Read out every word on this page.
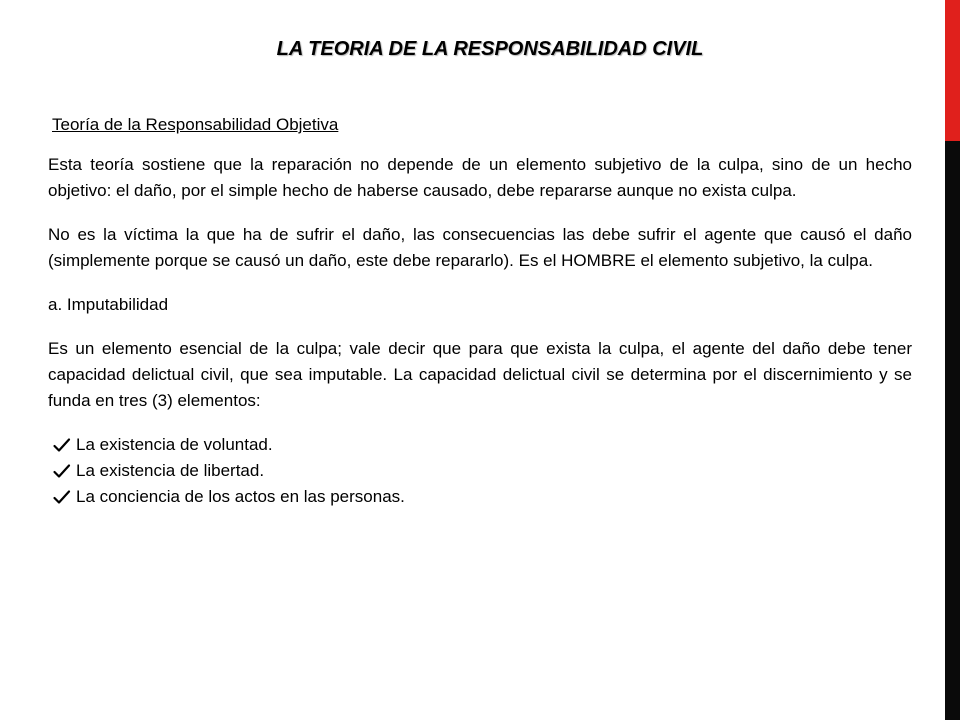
LA TEORIA DE LA RESPONSABILIDAD CIVIL
Teoría de la Responsabilidad Objetiva

Esta teoría sostiene que la reparación no depende de un elemento subjetivo de la culpa, sino de un hecho objetivo: el daño, por el simple hecho de haberse causado, debe repararse aunque no exista culpa.

No es la víctima la que ha de sufrir el daño, las consecuencias las debe sufrir el agente que causó el daño (simplemente porque se causó un daño, este debe repararlo). Es el HOMBRE el elemento subjetivo, la culpa.

a. Imputabilidad

Es un elemento esencial de la culpa; vale decir que para que exista la culpa, el agente del daño debe tener capacidad delictual civil, que sea imputable. La capacidad delictual civil se determina por el discernimiento y se funda en tres (3) elementos:

La existencia de voluntad.
La existencia de libertad.
La conciencia de los actos en las personas.
